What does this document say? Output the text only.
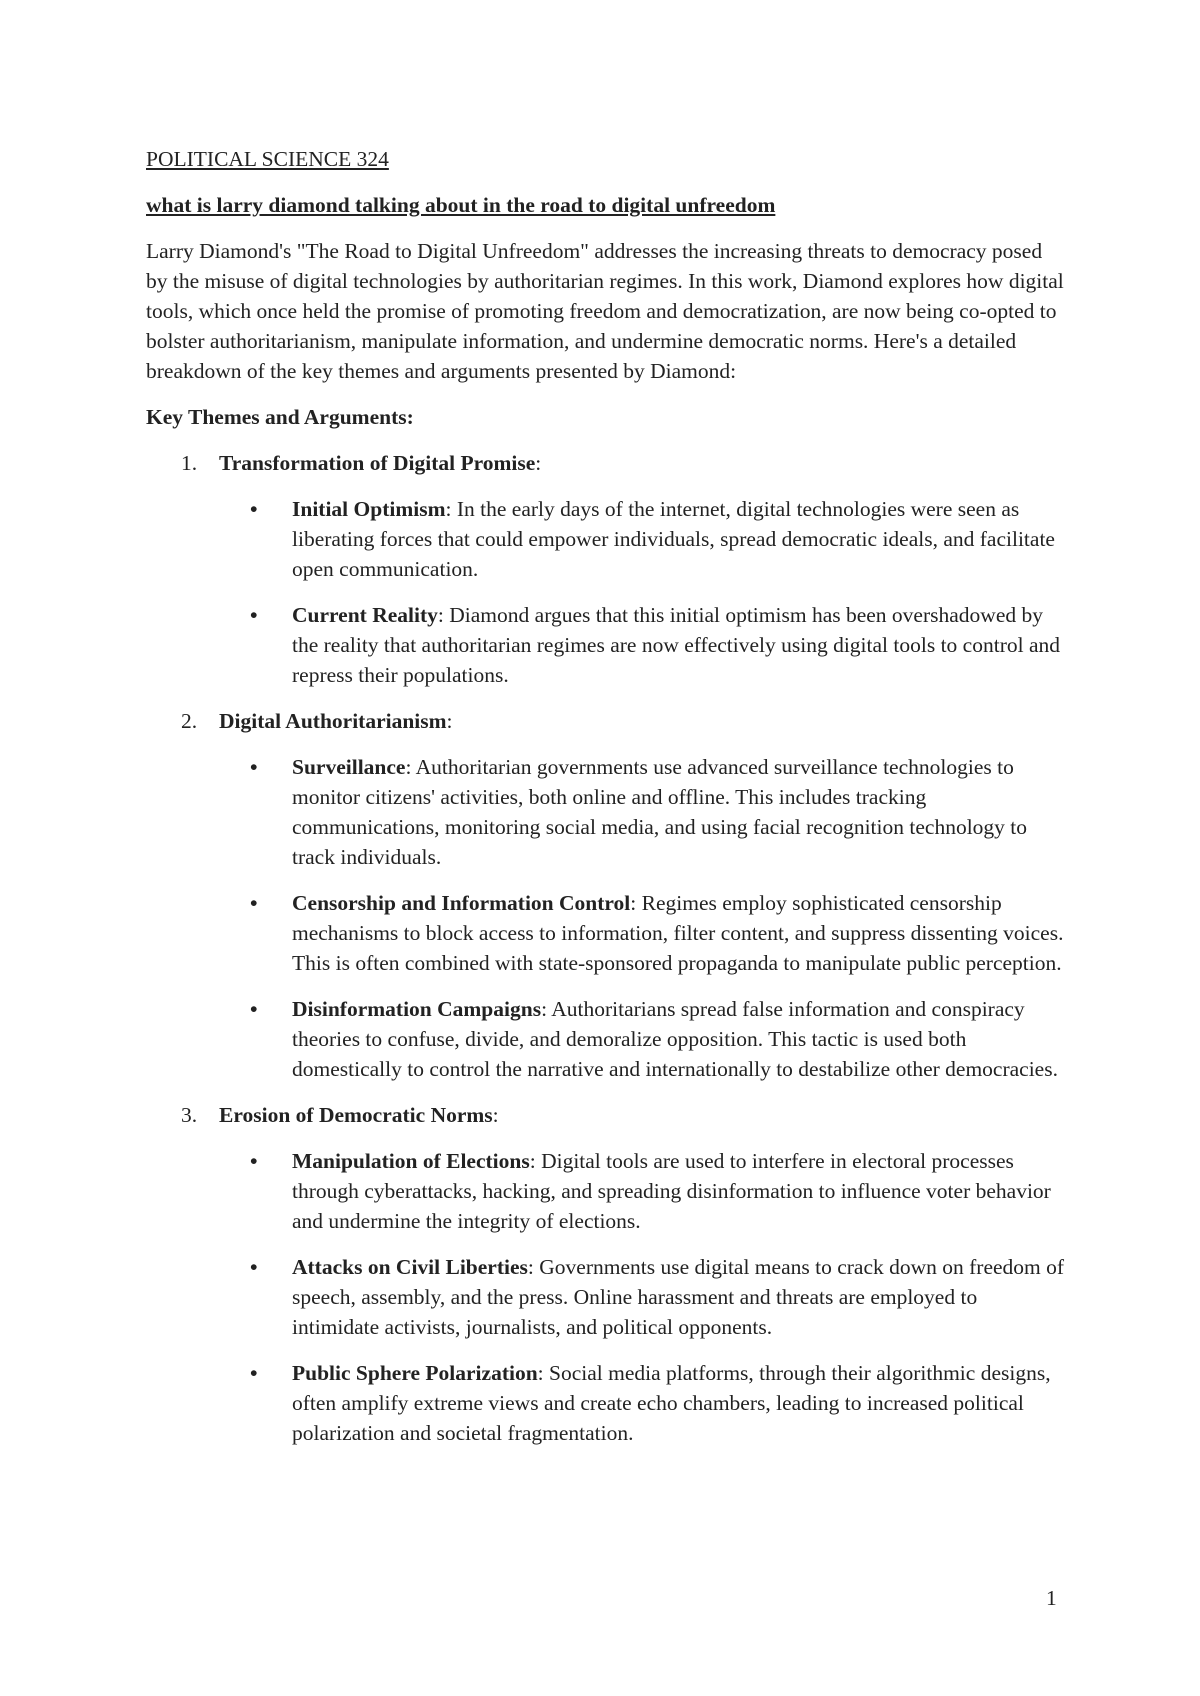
POLITICAL SCIENCE 324
what is larry diamond talking about in the road to digital unfreedom

Larry Diamond's "The Road to Digital Unfreedom" addresses the increasing threats to democracy posed by the misuse of digital technologies by authoritarian regimes. In this work, Diamond explores how digital tools, which once held the promise of promoting freedom and democratization, are now being co-opted to bolster authoritarianism, manipulate information, and undermine democratic norms. Here's a detailed breakdown of the key themes and arguments presented by Diamond:

Key Themes and Arguments:
1. Transformation of Digital Promise:
• Initial Optimism: In the early days of the internet, digital technologies were seen as liberating forces that could empower individuals, spread democratic ideals, and facilitate open communication.
• Current Reality: Diamond argues that this initial optimism has been overshadowed by the reality that authoritarian regimes are now effectively using digital tools to control and repress their populations.
2. Digital Authoritarianism:
• Surveillance: Authoritarian governments use advanced surveillance technologies to monitor citizens' activities, both online and offline. This includes tracking communications, monitoring social media, and using facial recognition technology to track individuals.
• Censorship and Information Control: Regimes employ sophisticated censorship mechanisms to block access to information, filter content, and suppress dissenting voices. This is often combined with state-sponsored propaganda to manipulate public perception.
• Disinformation Campaigns: Authoritarians spread false information and conspiracy theories to confuse, divide, and demoralize opposition. This tactic is used both domestically to control the narrative and internationally to destabilize other democracies.
3. Erosion of Democratic Norms:
• Manipulation of Elections: Digital tools are used to interfere in electoral processes through cyberattacks, hacking, and spreading disinformation to influence voter behavior and undermine the integrity of elections.
• Attacks on Civil Liberties: Governments use digital means to crack down on freedom of speech, assembly, and the press. Online harassment and threats are employed to intimidate activists, journalists, and political opponents.
• Public Sphere Polarization: Social media platforms, through their algorithmic designs, often amplify extreme views and create echo chambers, leading to increased political polarization and societal fragmentation.
1
